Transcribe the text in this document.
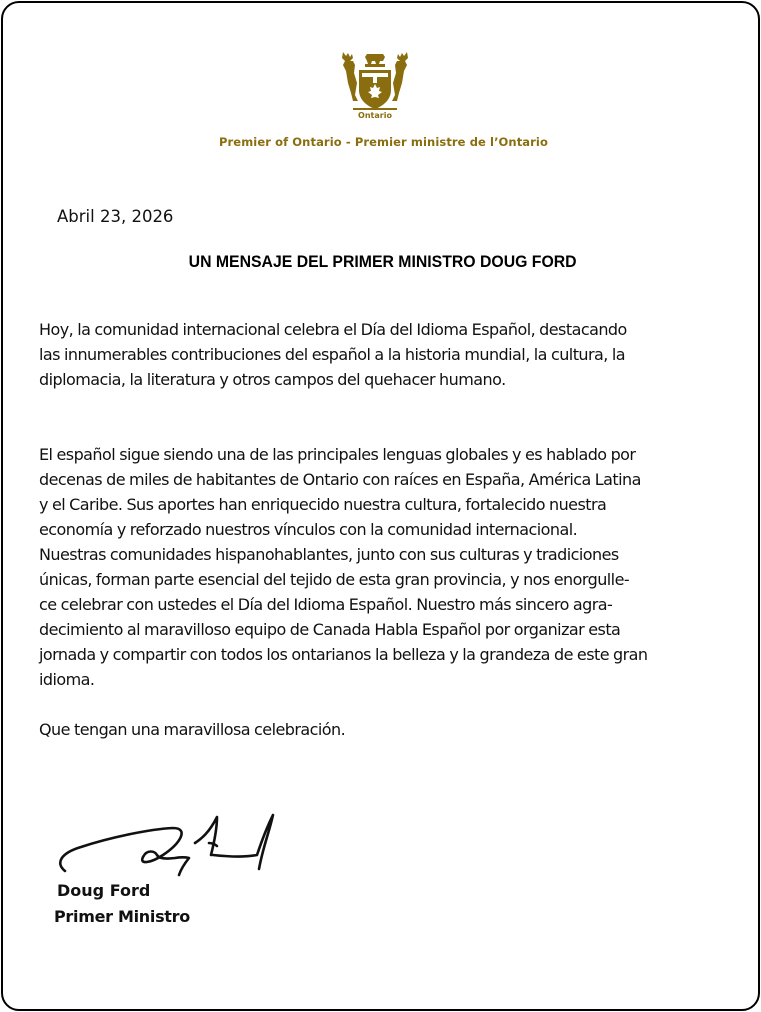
Ontario
Premier of Ontario - Premier ministre de l’Ontario
Abril 23, 2026
UN MENSAJE DEL PRIMER MINISTRO DOUG FORD
Hoy, la comunidad internacional celebra el Día del Idioma Español, destacando
las innumerables contribuciones del español a la historia mundial, la cultura, la
diplomacia, la literatura y otros campos del quehacer humano.
El español sigue siendo una de las principales lenguas globales y es hablado por
decenas de miles de habitantes de Ontario con raíces en España, América Latina
y el Caribe. Sus aportes han enriquecido nuestra cultura, fortalecido nuestra
economía y reforzado nuestros vínculos con la comunidad internacional.
Nuestras comunidades hispanohablantes, junto con sus culturas y tradiciones
únicas, forman parte esencial del tejido de esta gran provincia, y nos enorgulle-
ce celebrar con ustedes el Día del Idioma Español. Nuestro más sincero agra-
decimiento al maravilloso equipo de Canada Habla Español por organizar esta
jornada y compartir con todos los ontarianos la belleza y la grandeza de este gran
idioma.
Que tengan una maravillosa celebración.
Doug Ford
Primer Ministro
